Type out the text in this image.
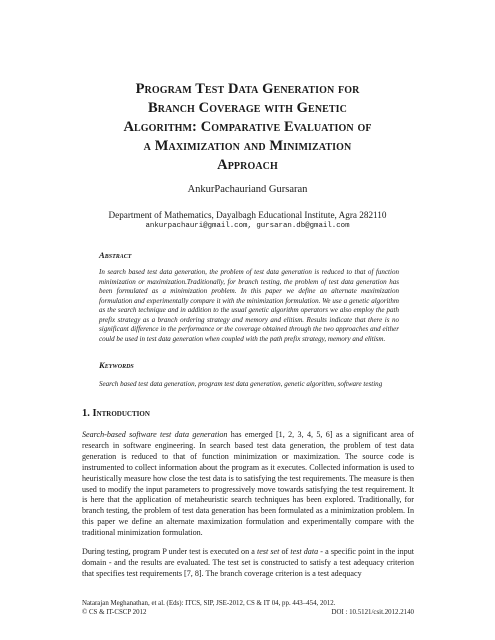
Program Test Data Generation for
Branch Coverage with Genetic
Algorithm: Comparative Evaluation of
a Maximization and Minimization
Approach
AnkurPachauriand Gursaran
Department of Mathematics, Dayalbagh Educational Institute, Agra 282110
ankurpachauri@gmail.com, gursaran.db@gmail.com
Abstract

In search based test data generation, the problem of test data generation is reduced to that of function minimization or maximization.Traditionally, for branch testing, the problem of test data generation has been formulated as a minimization problem. In this paper we define an alternate maximization formulation and experimentally compare it with the minimization formulation. We use a genetic algorithm as the search technique and in addition to the usual genetic algorithm operators we also employ the path prefix strategy as a branch ordering strategy and memory and elitism. Results indicate that there is no significant difference in the performance or the coverage obtained through the two approaches and either could be used in test data generation when coupled with the path prefix strategy, memory and elitism.

Keywords

Search based test data generation, program test data generation, genetic algorithm, software testing

1. Introduction

Search-based software test data generation has emerged [1, 2, 3, 4, 5, 6] as a significant area of research in software engineering. In search based test data generation, the problem of test data generation is reduced to that of function minimization or maximization. The source code is instrumented to collect information about the program as it executes. Collected information is used to heuristically measure how close the test data is to satisfying the test requirements. The measure is then used to modify the input parameters to progressively move towards satisfying the test requirement. It is here that the application of metaheuristic search techniques has been explored. Traditionally, for branch testing, the problem of test data generation has been formulated as a minimization problem. In this paper we define an alternate maximization formulation and experimentally compare with the traditional minimization formulation.

During testing, program P under test is executed on a test set of test data - a specific point in the input domain - and the results are evaluated. The test set is constructed to satisfy a test adequacy criterion that specifies test requirements [7, 8]. The branch coverage criterion is a test adequacy

Natarajan Meghanathan, et al. (Eds): ITCS, SIP, JSE-2012, CS & IT 04, pp. 443–454, 2012.
© CS & IT-CSCP 2012	DOI : 10.5121/csit.2012.2140
